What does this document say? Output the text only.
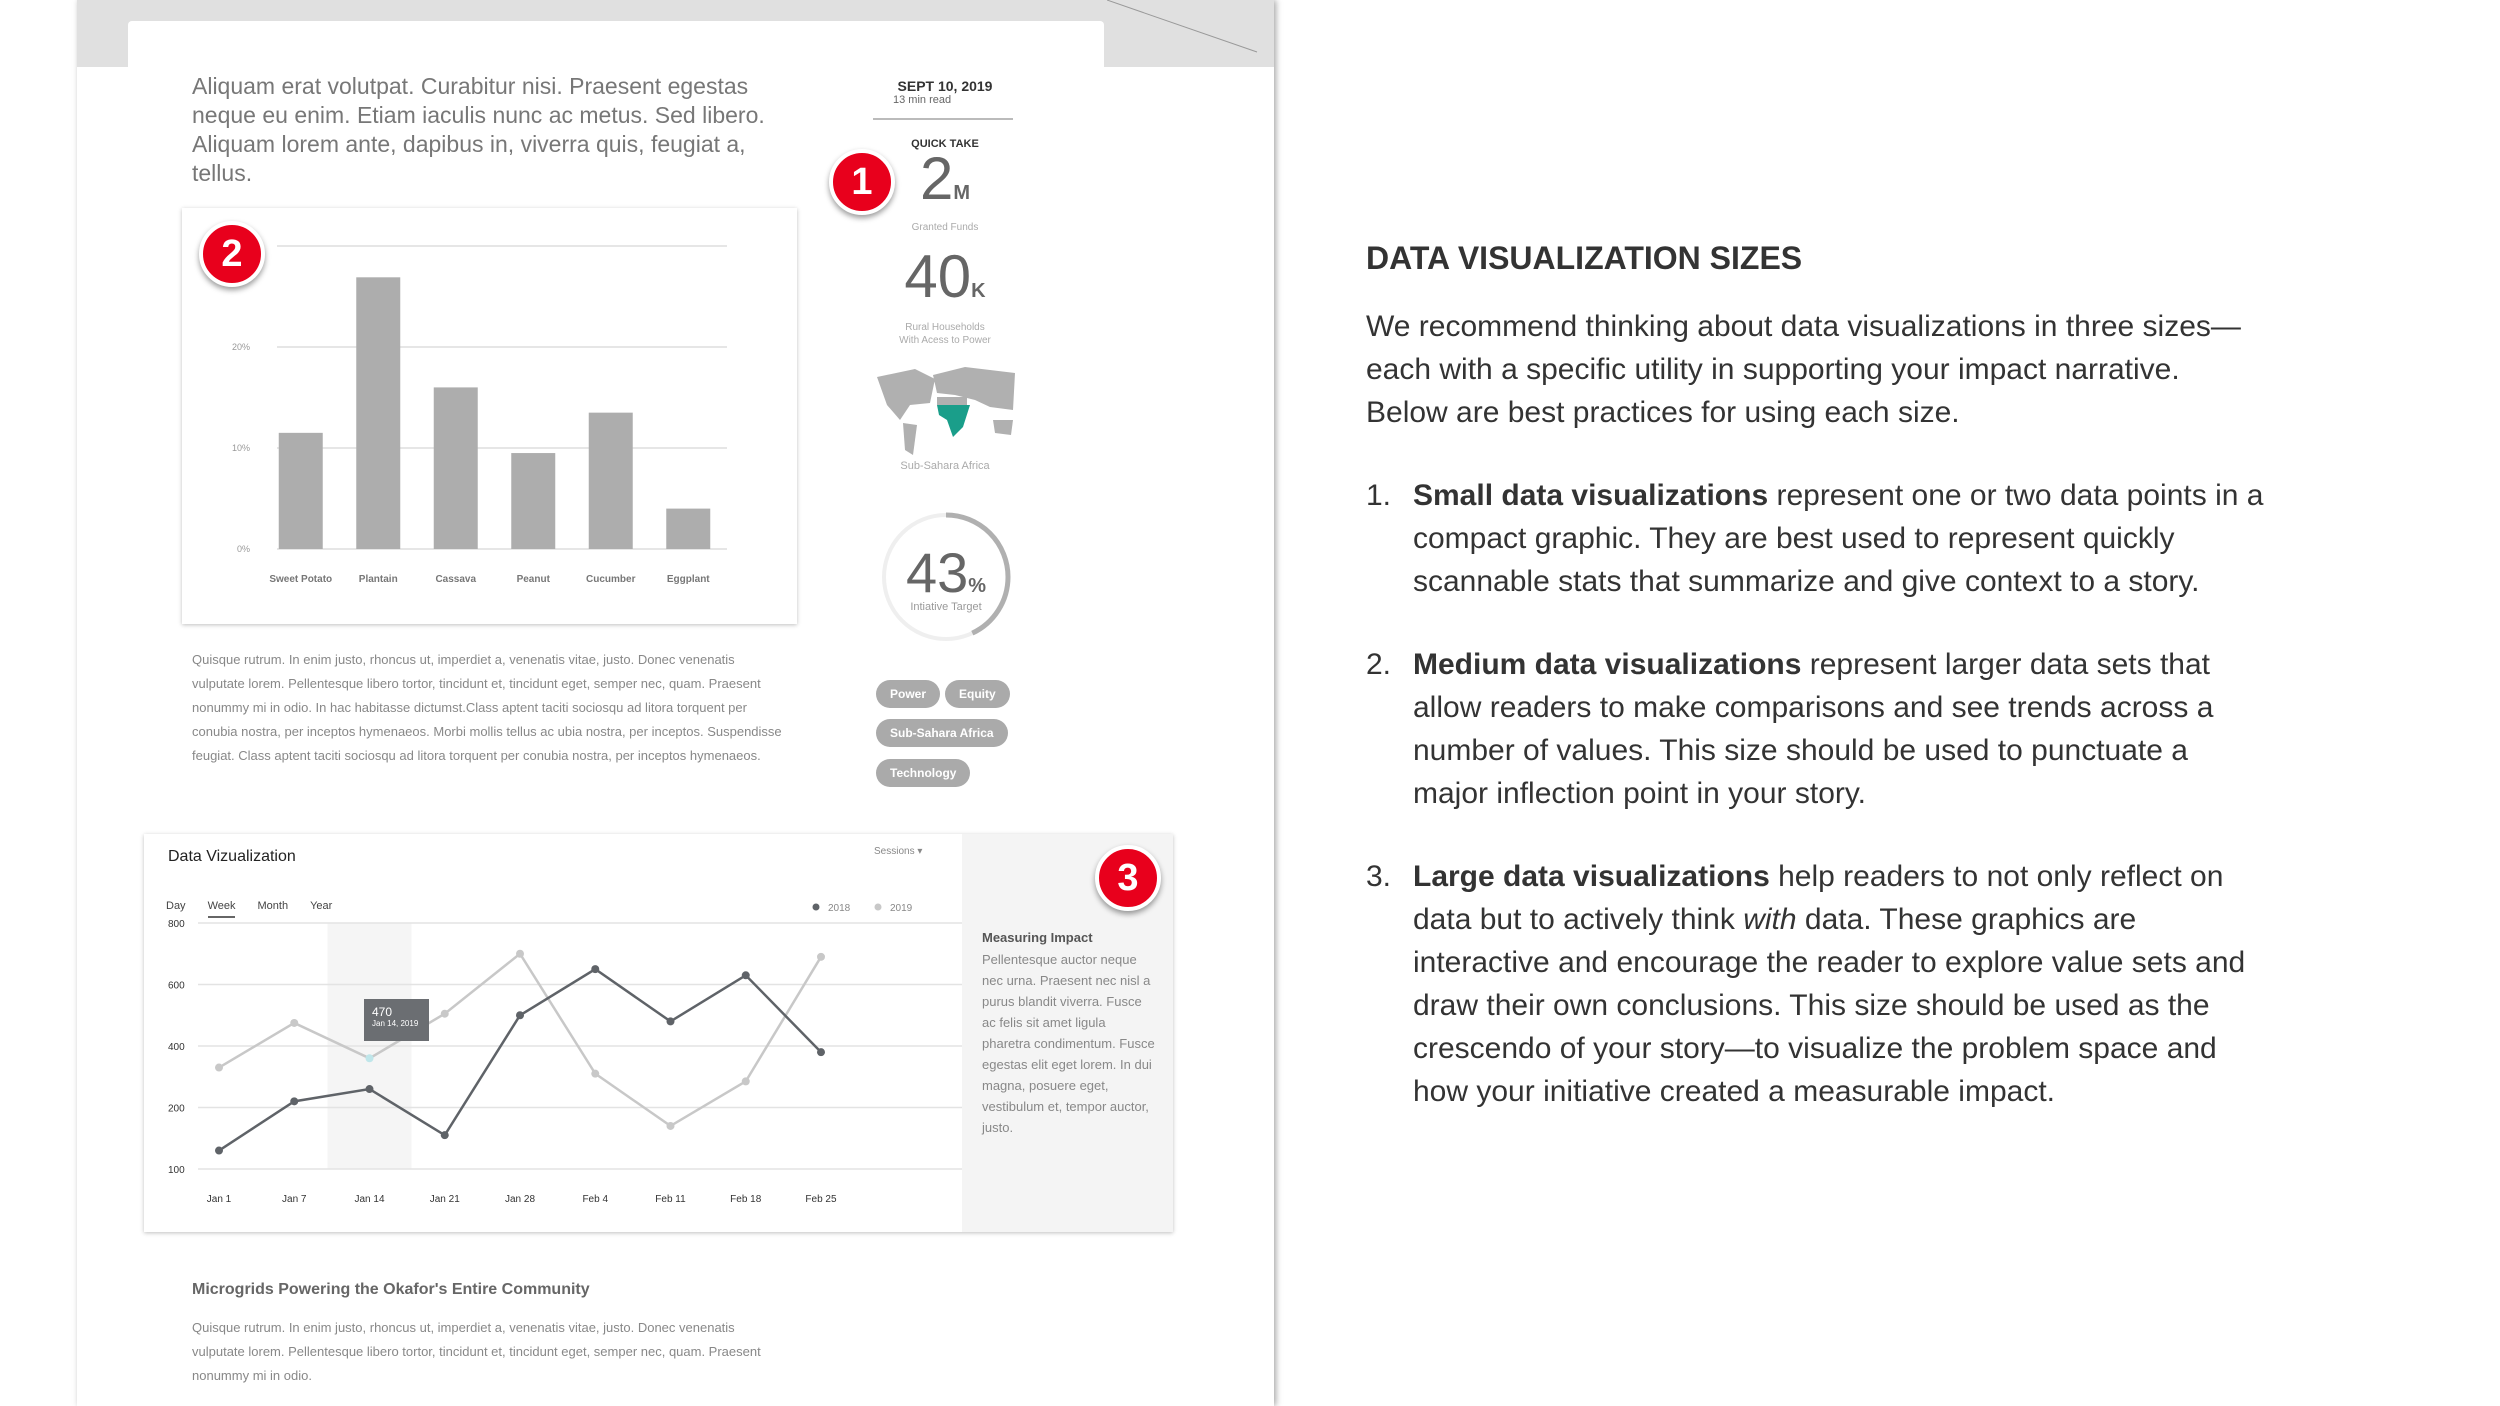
Aliquam erat volutpat. Curabitur nisi. Praesent egestas neque eu enim. Etiam iaculis nunc ac metus. Sed libero. Aliquam lorem ante, dapibus in, viverra quis, feugiat a, tellus.
0%
10%
20%
Sweet Potato	Plantain	Cassava	Peanut	Cucumber	Eggplant
2
Quisque rutrum. In enim justo, rhoncus ut, imperdiet a, venenatis vitae, justo. Donec venenatis vulputate lorem. Pellentesque libero tortor, tincidunt et, tincidunt eget, semper nec, quam. Praesent nonummy mi in odio. In hac habitasse dictumst.Class aptent taciti sociosqu ad litora torquent per conubia nostra, per inceptos hymenaeos. Morbi mollis tellus ac ubia nostra, per inceptos. Suspendisse feugiat. Class aptent taciti sociosqu ad litora torquent per conubia nostra, per inceptos hymenaeos.
SEPT 10, 2019
13 min read
QUICK TAKE
2M
Granted Funds
40K
Rural Households
With Acess to Power
Sub-Sahara Africa
43%
Intiative Target
Power	Equity
Sub-Sahara Africa
Technology
1
Data Vizualization	Sessions ▾
Day Week Month Year
800
600
400
200
100
Jan 1	Jan 7	Jan 14	Jan 21	Jan 28	Feb 4	Feb 11	Feb 18	Feb 25
2018	2019
Measuring Impact
Pellentesque auctor neque nec urna. Praesent nec nisl a purus blandit viverra. Fusce ac felis sit amet ligula pharetra condimentum. Fusce egestas elit eget lorem. In dui magna, posuere eget, vestibulum et, tempor auctor, justo.
470
Jan 14, 2019
3
Microgrids Powering the Okafor's Entire Community
Quisque rutrum. In enim justo, rhoncus ut, imperdiet a, venenatis vitae, justo. Donec venenatis vulputate lorem. Pellentesque libero tortor, tincidunt et, tincidunt eget, semper nec, quam. Praesent nonummy mi in odio.
DATA VISUALIZATION SIZES

We recommend thinking about data visualizations in three sizes—each with a specific utility in supporting your impact narrative. Below are best practices for using each size.

1. Small data visualizations represent one or two data points in a compact graphic. They are best used to represent quickly scannable stats that summarize and give context to a story.
2. Medium data visualizations represent larger data sets that allow readers to make comparisons and see trends across a number of values. This size should be used to punctuate a major inflection point in your story.
3. Large data visualizations help readers to not only reflect on data but to actively think with data. These graphics are interactive and encourage the reader to explore value sets and draw their own conclusions. This size should be used as the crescendo of your story—to visualize the problem space and how your initiative created a measurable impact.
